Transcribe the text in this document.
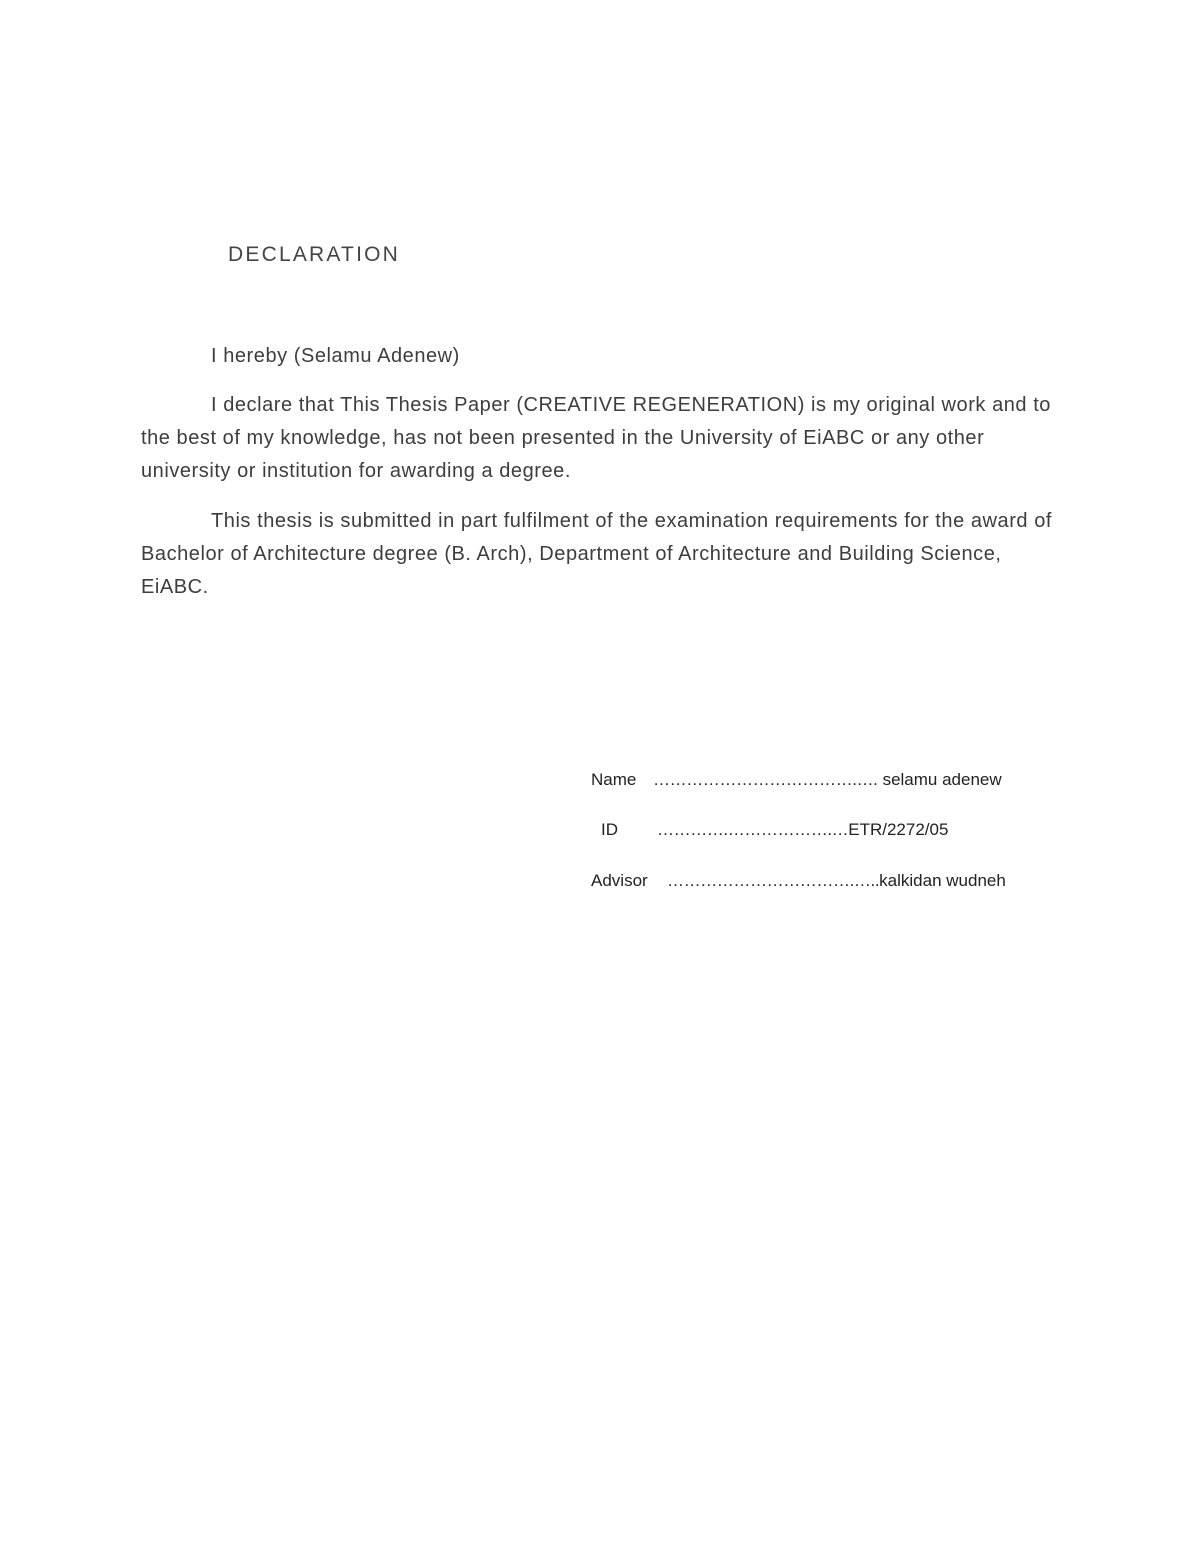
DECLARATION

I hereby (Selamu Adenew)

I declare that This Thesis Paper (CREATIVE REGENERATION) is my original work and to the best of my knowledge, has not been presented in the University of EiABC or any other university or institution for awarding a degree.

This thesis is submitted in part fulfilment of the examination requirements for the award of Bachelor of Architecture degree (B. Arch), Department of Architecture and Building Science, EiABC.

Name ……………………………….…. selamu adenew
ID ………….……………….…ETR/2272/05
Advisor …………………………….…..kalkidan wudneh
